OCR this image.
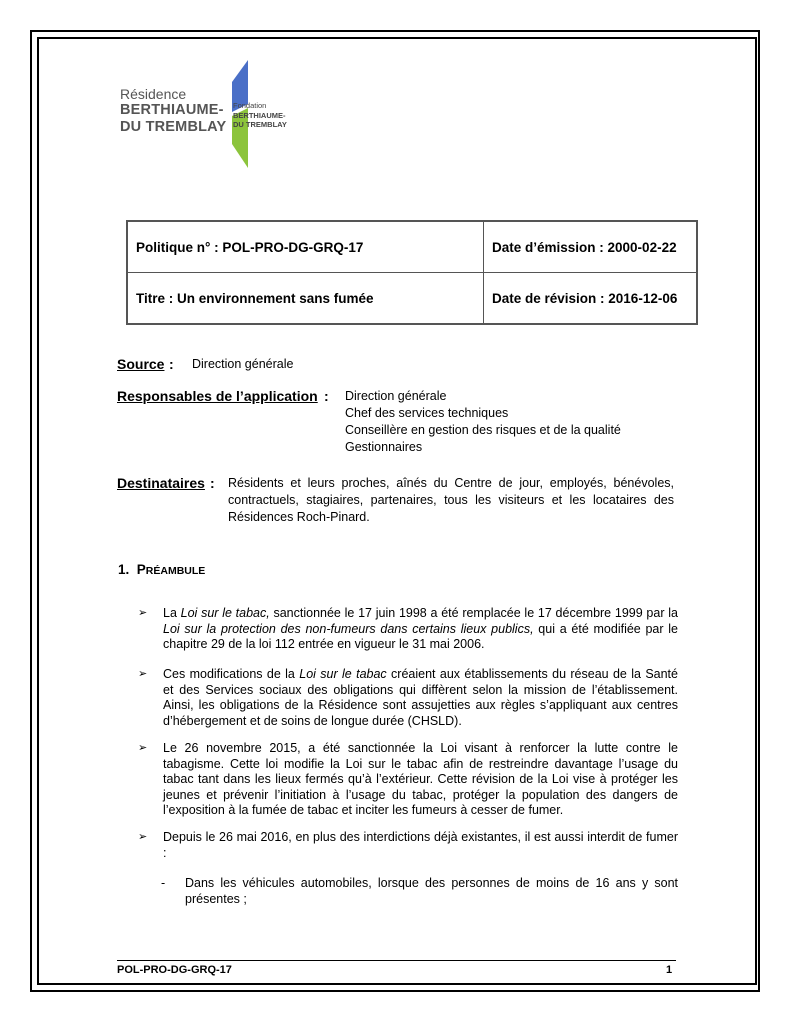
Résidence
BERTHIAUME-
DU TREMBLAY
Fondation
BERTHIAUME-
DU TREMBLAY
Politique n° : POL-PRO-DG-GRQ-17	Date d’émission : 2000-02-22
Titre : Un environnement sans fumée	Date de révision : 2016-12-06
Source : Direction générale
Responsables de l’application : Direction générale
Chef des services techniques
Conseillère en gestion des risques et de la qualité
Gestionnaires
Destinataires : Résidents et leurs proches, aînés du Centre de jour, employés, bénévoles, contractuels, stagiaires, partenaires, tous les visiteurs et les locataires des Résidences Roch-Pinard.
1. PRÉAMBULE
➢ La Loi sur le tabac, sanctionnée le 17 juin 1998 a été remplacée le 17 décembre 1999 par la Loi sur la protection des non-fumeurs dans certains lieux publics, qui a été modifiée par le chapitre 29 de la loi 112 entrée en vigueur le 31 mai 2006.
➢ Ces modifications de la Loi sur le tabac créaient aux établissements du réseau de la Santé et des Services sociaux des obligations qui diffèrent selon la mission de l’établissement. Ainsi, les obligations de la Résidence sont assujetties aux règles s’appliquant aux centres d’hébergement et de soins de longue durée (CHSLD).
➢ Le 26 novembre 2015, a été sanctionnée la Loi visant à renforcer la lutte contre le tabagisme. Cette loi modifie la Loi sur le tabac afin de restreindre davantage l’usage du tabac tant dans les lieux fermés qu’à l’extérieur. Cette révision de la Loi vise à protéger les jeunes et prévenir l’initiation à l’usage du tabac, protéger la population des dangers de l’exposition à la fumée de tabac et inciter les fumeurs à cesser de fumer.
➢ Depuis le 26 mai 2016, en plus des interdictions déjà existantes, il est aussi interdit de fumer :
- Dans les véhicules automobiles, lorsque des personnes de moins de 16 ans y sont présentes ;
POL-PRO-DG-GRQ-17	1
